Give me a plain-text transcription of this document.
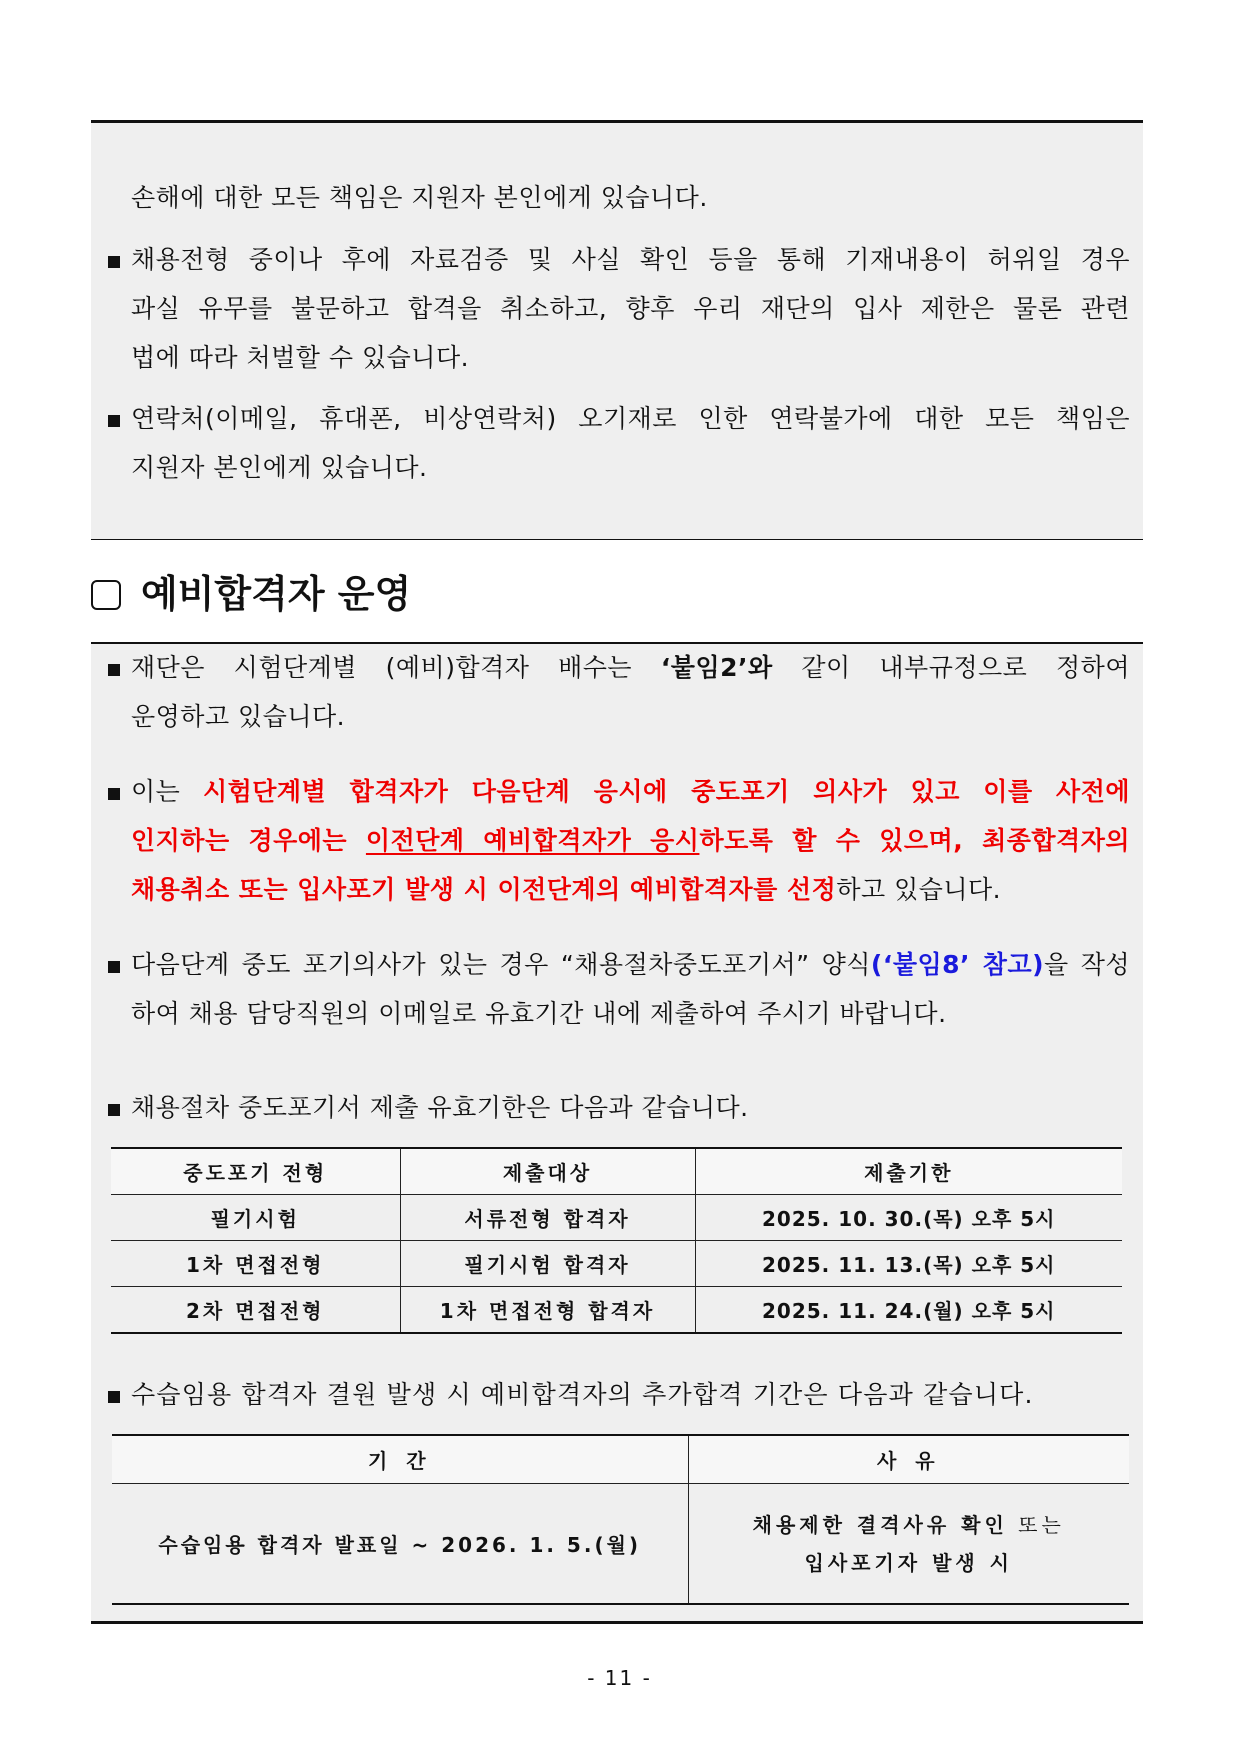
손해에 대한 모든 책임은 지원자 본인에게 있습니다.
채용전형 중이나 후에 자료검증 및 사실 확인 등을 통해 기재내용이 허위일 경우
과실 유무를 불문하고 합격을 취소하고, 향후 우리 재단의 입사 제한은 물론 관련
법에 따라 처벌할 수 있습니다.
연락처(이메일, 휴대폰, 비상연락처) 오기재로 인한 연락불가에 대한 모든 책임은
지원자 본인에게 있습니다.
예비합격자 운영
재단은 시험단계별 (예비)합격자 배수는 ‘붙임2’와 같이 내부규정으로 정하여
운영하고 있습니다.
이는 시험단계별 합격자가 다음단계 응시에 중도포기 의사가 있고 이를 사전에
인지하는 경우에는 이전단계 예비합격자가 응시하도록 할 수 있으며, 최종합격자의
채용취소 또는 입사포기 발생 시 이전단계의 예비합격자를 선정하고 있습니다.
다음단계 중도 포기의사가 있는 경우 “채용절차중도포기서” 양식(‘붙임8’ 참고)을 작성
하여 채용 담당직원의 이메일로 유효기간 내에 제출하여 주시기 바랍니다.
채용절차 중도포기서 제출 유효기한은 다음과 같습니다.
중도포기 전형	제출대상	제출기한
필기시험	서류전형 합격자	2025. 10. 30.(목) 오후 5시
1차 면접전형	필기시험 합격자	2025. 11. 13.(목) 오후 5시
2차 면접전형	1차 면접전형 합격자	2025. 11. 24.(월) 오후 5시
수습임용 합격자 결원 발생 시 예비합격자의 추가합격 기간은 다음과 같습니다.
기 간	사 유
수습임용 합격자 발표일 ~ 2026. 1. 5.(월)	채용제한 결격사유 확인 또는
입사포기자 발생 시
- 11 -
